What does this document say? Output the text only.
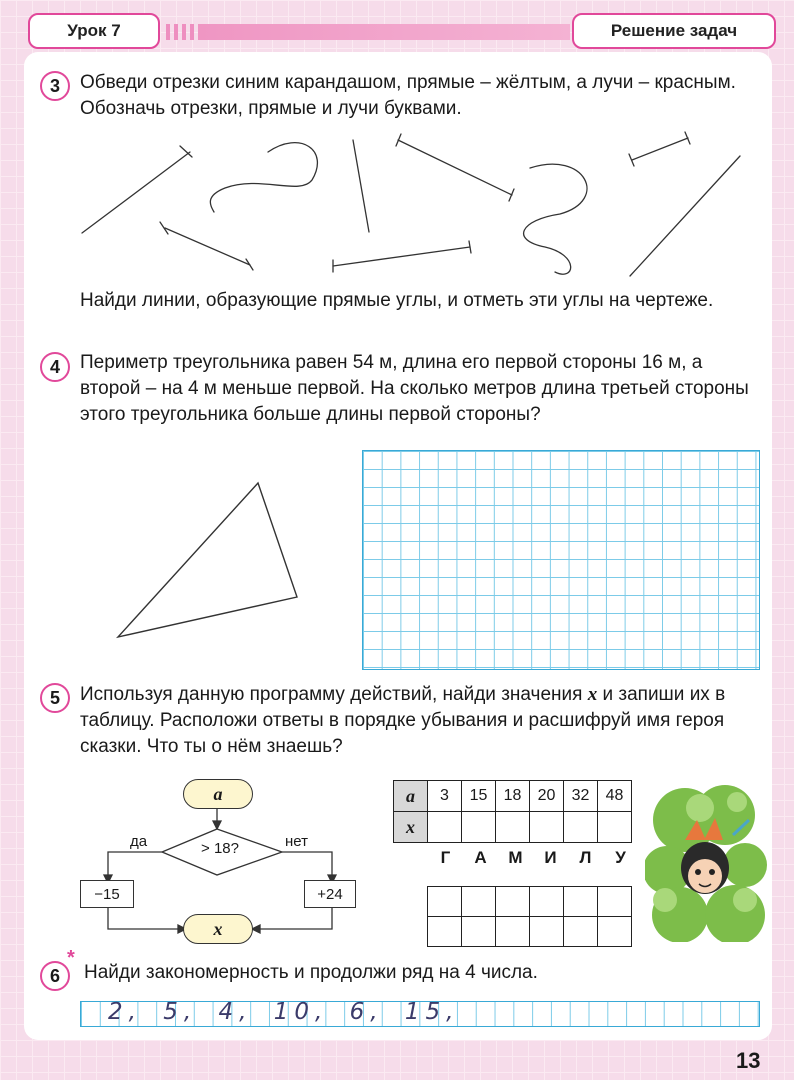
Урок 7	Решение задач
3	Обведи отрезки синим карандашом, прямые – жёлтым, а лучи – красным. Обозначь отрезки, прямые и лучи буквами.

Найди линии, образующие прямые углы, и отметь эти углы на чертеже.

4	Периметр треугольника равен 54 м, длина его первой стороны 16 м, а второй – на 4 м меньше первой. На сколько метров длина третьей стороны этого треугольника больше длины первой стороны?

5	Используя данную программу действий, найди значения x и запиши их в таблицу. Расположи ответы в порядке убывания и расшифруй имя героя сказки. Что ты о нём знаешь?

a
> 18?
да	нет
−15	+24
x
a	3	15	18	20	32	48
x						
Г	А	М	И	Л	У

6
*

Найди закономерность и продолжи ряд на 4 числа.

2, 5, 4, 10, 6, 15,
13
